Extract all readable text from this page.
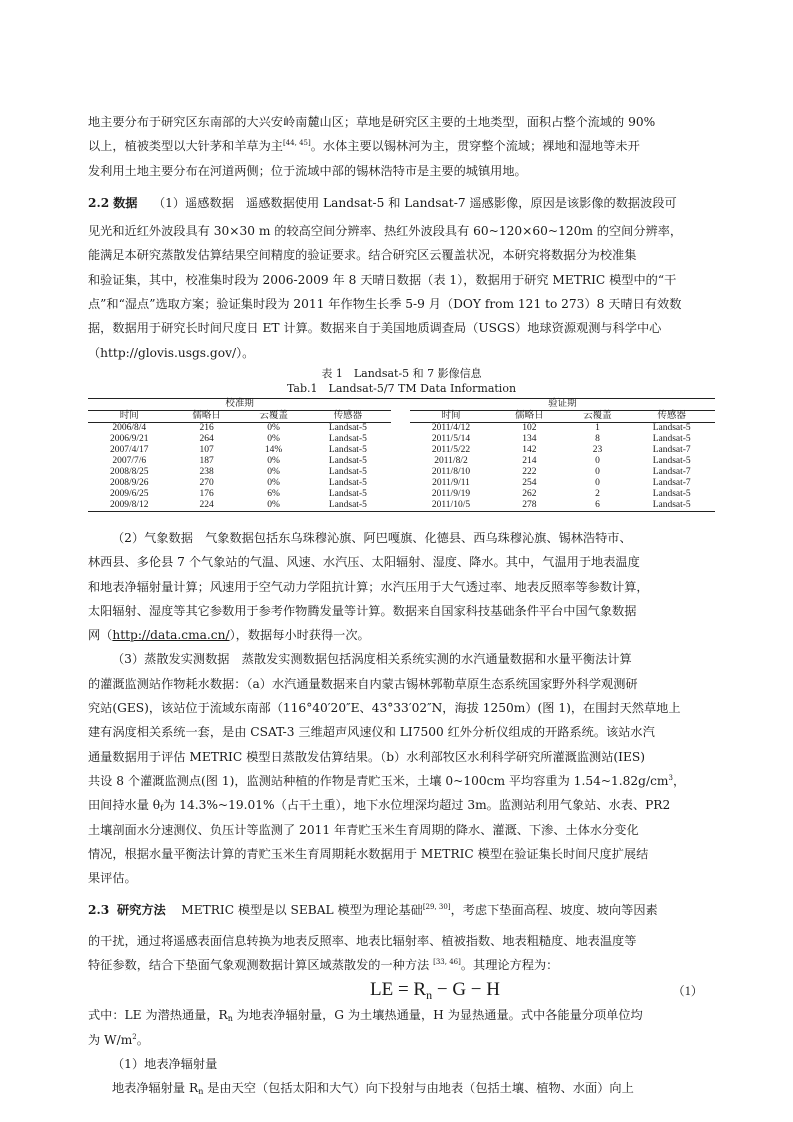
地主要分布于研究区东南部的大兴安岭南麓山区；草地是研究区主要的土地类型，面积占整个流域的 90%
以上，植被类型以大针茅和羊草为主[44, 45]。水体主要以锡林河为主，贯穿整个流域；裸地和湿地等未开
发利用土地主要分布在河道两侧；位于流域中部的锡林浩特市是主要的城镇用地。
2.2 数据 （1）遥感数据　遥感数据使用 Landsat-5 和 Landsat-7 遥感影像，原因是该影像的数据波段可
见光和近红外波段具有 30×30 m 的较高空间分辨率、热红外波段具有 60~120×60~120m 的空间分辨率，
能满足本研究蒸散发估算结果空间精度的验证要求。结合研究区云覆盖状况，本研究将数据分为校准集
和验证集，其中，校准集时段为 2006-2009 年 8 天晴日数据（表 1），数据用于研究 METRIC 模型中的“干
点”和“湿点”选取方案；验证集时段为 2011 年作物生长季 5-9 月（DOY from 121 to 273）8 天晴日有效数
据，数据用于研究长时间尺度日 ET 计算。数据来自于美国地质调查局（USGS）地球资源观测与科学中心
（http://glovis.usgs.gov/）。

表 1　Landsat-5 和 7 影像信息

Tab.1　Landsat-5/7 TM Data Information

校准期					验证期			
时间	儒略日	云覆盖	传感器		时间	儒略日	云覆盖	传感器
2006/8/4	216	0%	Landsat-5		2011/4/12	102	1	Landsat-5
2006/9/21	264	0%	Landsat-5		2011/5/14	134	8	Landsat-5
2007/4/17	107	14%	Landsat-5		2011/5/22	142	23	Landsat-7
2007/7/6	187	0%	Landsat-5		2011/8/2	214	0	Landsat-5
2008/8/25	238	0%	Landsat-5		2011/8/10	222	0	Landsat-7
2008/9/26	270	0%	Landsat-5		2011/9/11	254	0	Landsat-7
2009/6/25	176	6%	Landsat-5		2011/9/19	262	2	Landsat-5
2009/8/12	224	0%	Landsat-5		2011/10/5	278	6	Landsat-5
（2）气象数据　气象数据包括东乌珠穆沁旗、阿巴嘎旗、化德县、西乌珠穆沁旗、锡林浩特市、
林西县、多伦县 7 个气象站的气温、风速、水汽压、太阳辐射、湿度、降水。其中，气温用于地表温度
和地表净辐射量计算；风速用于空气动力学阻抗计算；水汽压用于大气透过率、地表反照率等参数计算，
太阳辐射、湿度等其它参数用于参考作物腾发量等计算。数据来自国家科技基础条件平台中国气象数据
网（http://data.cma.cn/），数据每小时获得一次。
（3）蒸散发实测数据　蒸散发实测数据包括涡度相关系统实测的水汽通量数据和水量平衡法计算
的灌溉监测站作物耗水数据：（a）水汽通量数据来自内蒙古锡林郭勒草原生态系统国家野外科学观测研
究站(GES)，该站位于流域东南部（116°40′20″E、43°33′02″N，海拔 1250m）(图 1)，在围封天然草地上
建有涡度相关系统一套，是由 CSAT-3 三维超声风速仪和 LI7500 红外分析仪组成的开路系统。该站水汽
通量数据用于评估 METRIC 模型日蒸散发估算结果。（b）水利部牧区水利科学研究所灌溉监测站(IES)
共设 8 个灌溉监测点(图 1)，监测站种植的作物是青贮玉米，土壤 0~100cm 平均容重为 $1.54\sim 1.82g/cm^3$，
田间持水量 $\theta_f$为 14.3%~19.01%（占干土重），地下水位埋深均超过 3m。监测站利用气象站、水表、PR2
土壤剖面水分速测仪、负压计等监测了 2011 年青贮玉米生育周期的降水、灌溉、下渗、土体水分变化
情况，根据水量平衡法计算的青贮玉米生育周期耗水数据用于 METRIC 模型在验证集长时间尺度扩展结
果评估。
2.3 研究方法 METRIC 模型是以 SEBAL 模型为理论基础[29, 30]，考虑下垫面高程、坡度、坡向等因素
的干扰，通过将遥感表面信息转换为地表反照率、地表比辐射率、植被指数、地表粗糙度、地表温度等
特征参数，结合下垫面气象观测数据计算区域蒸散发的一种方法 [33, 46]。其理论方程为：
LE = $R_n - G - H$	（1）
式中：LE 为潜热通量，$R_n$ 为地表净辐射量，G 为土壤热通量，H 为显热通量。式中各能量分项单位均
为 $W/m^2$。
（1）地表净辐射量
地表净辐射量 $R_n$ 是由天空（包括太阳和大气）向下投射与由地表（包括土壤、植物、水面）向上
